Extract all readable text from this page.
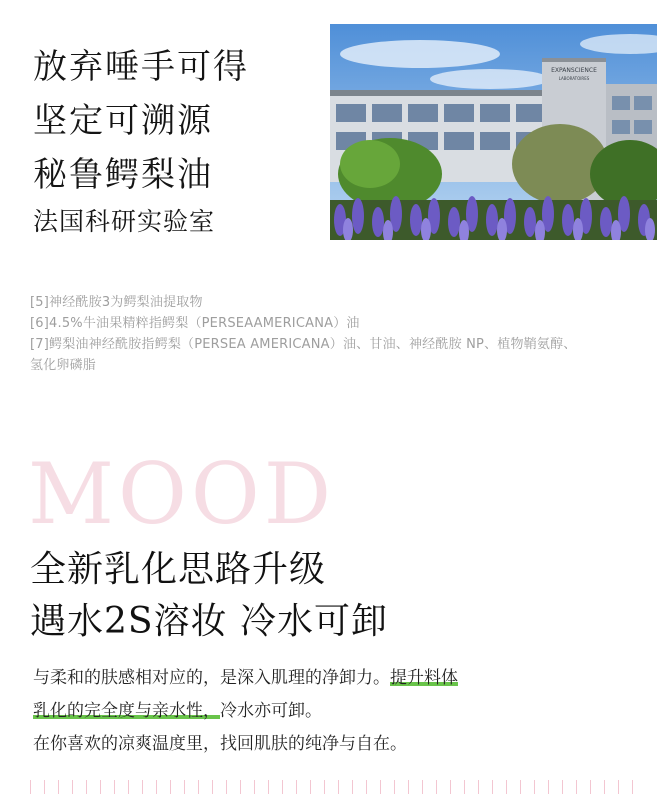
放弃唾手可得
坚定可溯源
秘鲁鳄梨油
法国科研实验室
EXPANSCIENCE
LABORATOIRES
[5]神经酰胺3为鳄梨油提取物
[6]4.5%牛油果精粹指鳄梨（PERSEAAMERICANA）油
[7]鳄梨油神经酰胺指鳄梨（PERSEA AMERICANA）油、甘油、神经酰胺 NP、植物鞘氨醇、
氢化卵磷脂
MOOD
全新乳化思路升级
遇水2S溶妆 冷水可卸
与柔和的肤感相对应的，是深入肌理的净卸力。提升料体
乳化的完全度与亲水性，冷水亦可卸。
在你喜欢的凉爽温度里，找回肌肤的纯净与自在。
